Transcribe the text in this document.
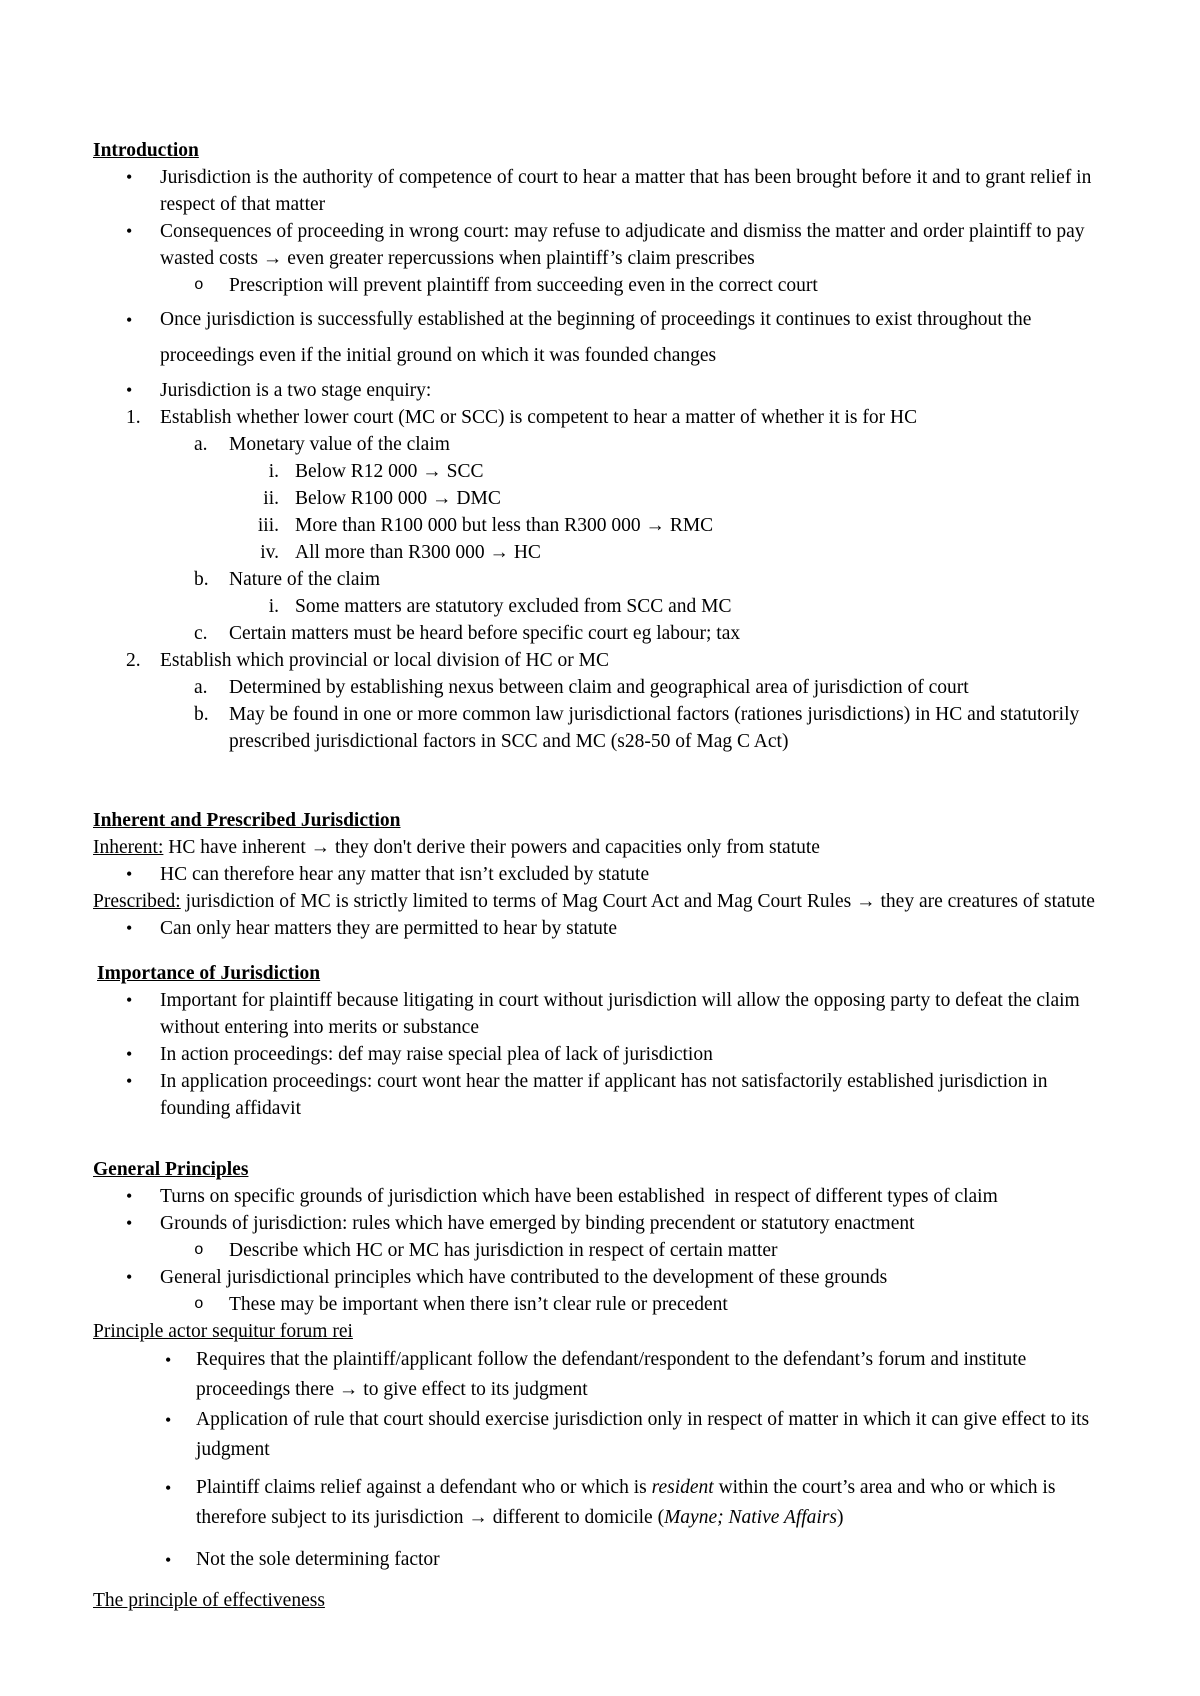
Introduction
•	Jurisdiction is the authority of competence of court to hear a matter that has been brought before it and to grant relief in respect of that matter
•	Consequences of proceeding in wrong court: may refuse to adjudicate and dismiss the matter and order plaintiff to pay wasted costs → even greater repercussions when plaintiff’s claim prescribes
o	Prescription will prevent plaintiff from succeeding even in the correct court
•	Once jurisdiction is successfully established at the beginning of proceedings it continues to exist throughout the proceedings even if the initial ground on which it was founded changes
•	Jurisdiction is a two stage enquiry:
1. Establish whether lower court (MC or SCC) is competent to hear a matter of whether it is for HC
a.	Monetary value of the claim
i. Below R12 000 → SCC
ii. Below R100 000 → DMC
iii. More than R100 000 but less than R300 000 → RMC
iv. All more than R300 000 → HC
b.	Nature of the claim
i. Some matters are statutory excluded from SCC and MC
c.	Certain matters must be heard before specific court eg labour; tax
2. Establish which provincial or local division of HC or MC
a.	Determined by establishing nexus between claim and geographical area of jurisdiction of court
b.	May be found in one or more common law jurisdictional factors (rationes jurisdictions) in HC and statutorily prescribed jurisdictional factors in SCC and MC (s28-50 of Mag C Act)
Inherent and Prescribed Jurisdiction
Inherent: HC have inherent → they don't derive their powers and capacities only from statute
•	HC can therefore hear any matter that isn’t excluded by statute
Prescribed: jurisdiction of MC is strictly limited to terms of Mag Court Act and Mag Court Rules → they are creatures of statute
•	Can only hear matters they are permitted to hear by statute
Importance of Jurisdiction
•	Important for plaintiff because litigating in court without jurisdiction will allow the opposing party to defeat the claim without entering into merits or substance
•	In action proceedings: def may raise special plea of lack of jurisdiction
•	In application proceedings: court wont hear the matter if applicant has not satisfactorily established jurisdiction in founding affidavit
General Principles
•	Turns on specific grounds of jurisdiction which have been established  in respect of different types of claim
•	Grounds of jurisdiction: rules which have emerged by binding precendent or statutory enactment
o	Describe which HC or MC has jurisdiction in respect of certain matter
•	General jurisdictional principles which have contributed to the development of these grounds
o	These may be important when there isn’t clear rule or precedent
Principle actor sequitur forum rei
•	Requires that the plaintiff/applicant follow the defendant/respondent to the defendant’s forum and institute proceedings there → to give effect to its judgment
•	Application of rule that court should exercise jurisdiction only in respect of matter in which it can give effect to its judgment
•	Plaintiff claims relief against a defendant who or which is resident within the court’s area and who or which is therefore subject to its jurisdiction → different to domicile (Mayne; Native Affairs)
•	Not the sole determining factor
The principle of effectiveness
